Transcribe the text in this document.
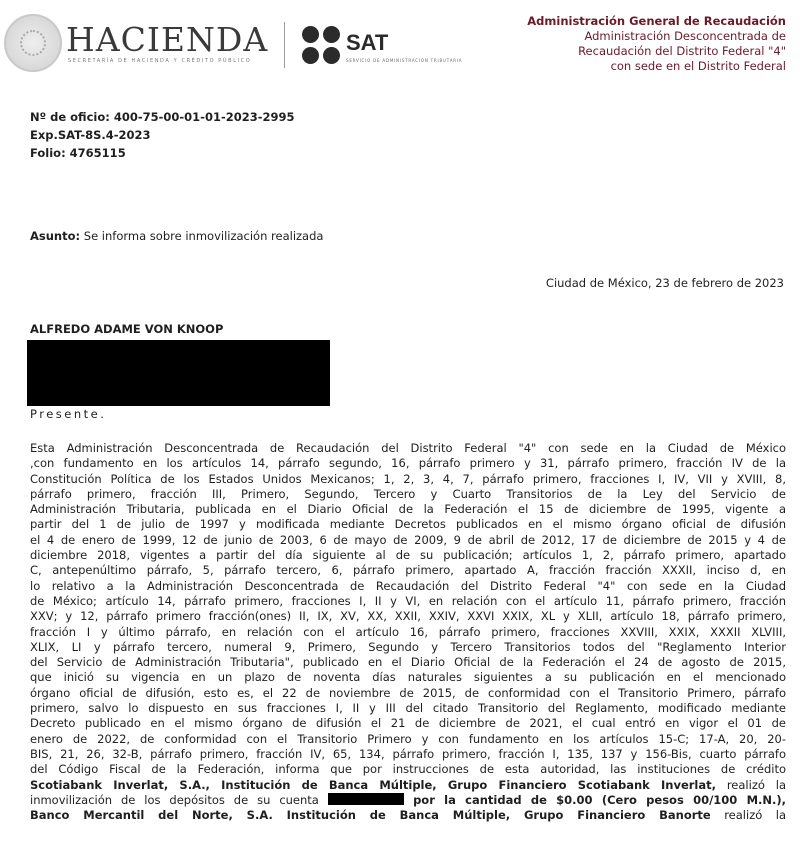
HACIENDA
SECRETARÍA DE HACIENDA Y CRÉDITO PÚBLICO
SAT
SERVICIO DE ADMINISTRACIÓN TRIBUTARIA
Administración General de Recaudación
Administración Desconcentrada de
Recaudación del Distrito Federal "4"
con sede en el Distrito Federal
Nº de oficio: 400-75-00-01-01-2023-2995
Exp.SAT-8S.4-2023
Folio: 4765115
Asunto: Se informa sobre inmovilización realizada
Ciudad de México, 23 de febrero de 2023
ALFREDO ADAME VON KNOOP
Presente.
Esta Administración Desconcentrada de Recaudación del Distrito Federal "4" con sede en la Ciudad de México
,con fundamento en los artículos 14, párrafo segundo, 16, párrafo primero y 31, párrafo primero, fracción IV de la
Constitución Política de los Estados Unidos Mexicanos; 1, 2, 3, 4, 7, párrafo primero, fracciones I, IV, VII y XVIII, 8,
párrafo primero, fracción III, Primero, Segundo, Tercero y Cuarto Transitorios de la Ley del Servicio de
Administración Tributaria, publicada en el Diario Oficial de la Federación el 15 de diciembre de 1995, vigente a
partir del 1 de julio de 1997 y modificada mediante Decretos publicados en el mismo órgano oficial de difusión
el 4 de enero de 1999, 12 de junio de 2003, 6 de mayo de 2009, 9 de abril de 2012, 17 de diciembre de 2015 y 4 de
diciembre 2018, vigentes a partir del día siguiente al de su publicación; artículos 1, 2, párrafo primero, apartado
C, antepenúltimo párrafo, 5, párrafo tercero, 6, párrafo primero, apartado A, fracción fracción XXXII, inciso d, en
lo relativo a la Administración Desconcentrada de Recaudación del Distrito Federal "4" con sede en la Ciudad
de México; artículo 14, párrafo primero, fracciones I, II y VI, en relación con el artículo 11, párrafo primero, fracción
XXV; y 12, párrafo primero fracción(ones) II, IX, XV, XX, XXII, XXIV, XXVI XXIX, XL y XLII, artículo 18, párrafo primero,
fracción I y último párrafo, en relación con el artículo 16, párrafo primero, fracciones XXVIII, XXIX, XXXII XLVIII,
XLIX, LI y párrafo tercero, numeral 9, Primero, Segundo y Tercero Transitorios todos del "Reglamento Interior
del Servicio de Administración Tributaria", publicado en el Diario Oficial de la Federación el 24 de agosto de 2015,
que inició su vigencia en un plazo de noventa días naturales siguientes a su publicación en el mencionado
órgano oficial de difusión, esto es, el 22 de noviembre de 2015, de conformidad con el Transitorio Primero, párrafo
primero, salvo lo dispuesto en sus fracciones I, II y III del citado Transitorio del Reglamento, modificado mediante
Decreto publicado en el mismo órgano de difusión el 21 de diciembre de 2021, el cual entró en vigor el 01 de
enero de 2022, de conformidad con el Transitorio Primero y con fundamento en los artículos 15-C; 17-A, 20, 20-
BIS, 21, 26, 32-B, párrafo primero, fracción IV, 65, 134, párrafo primero, fracción I, 135, 137 y 156-Bis, cuarto párrafo
del Código Fiscal de la Federación, informa que por instrucciones de esta autoridad, las instituciones de crédito
Scotiabank Inverlat, S.A., Institución de Banca Múltiple, Grupo Financiero Scotiabank Inverlat, realizó la
inmovilización de los depósitos de su cuenta	por la cantidad de $0.00 (Cero pesos 00/100 M.N.),
Banco Mercantil del Norte, S.A. Institución de Banca Múltiple, Grupo Financiero Banorte realizó la
